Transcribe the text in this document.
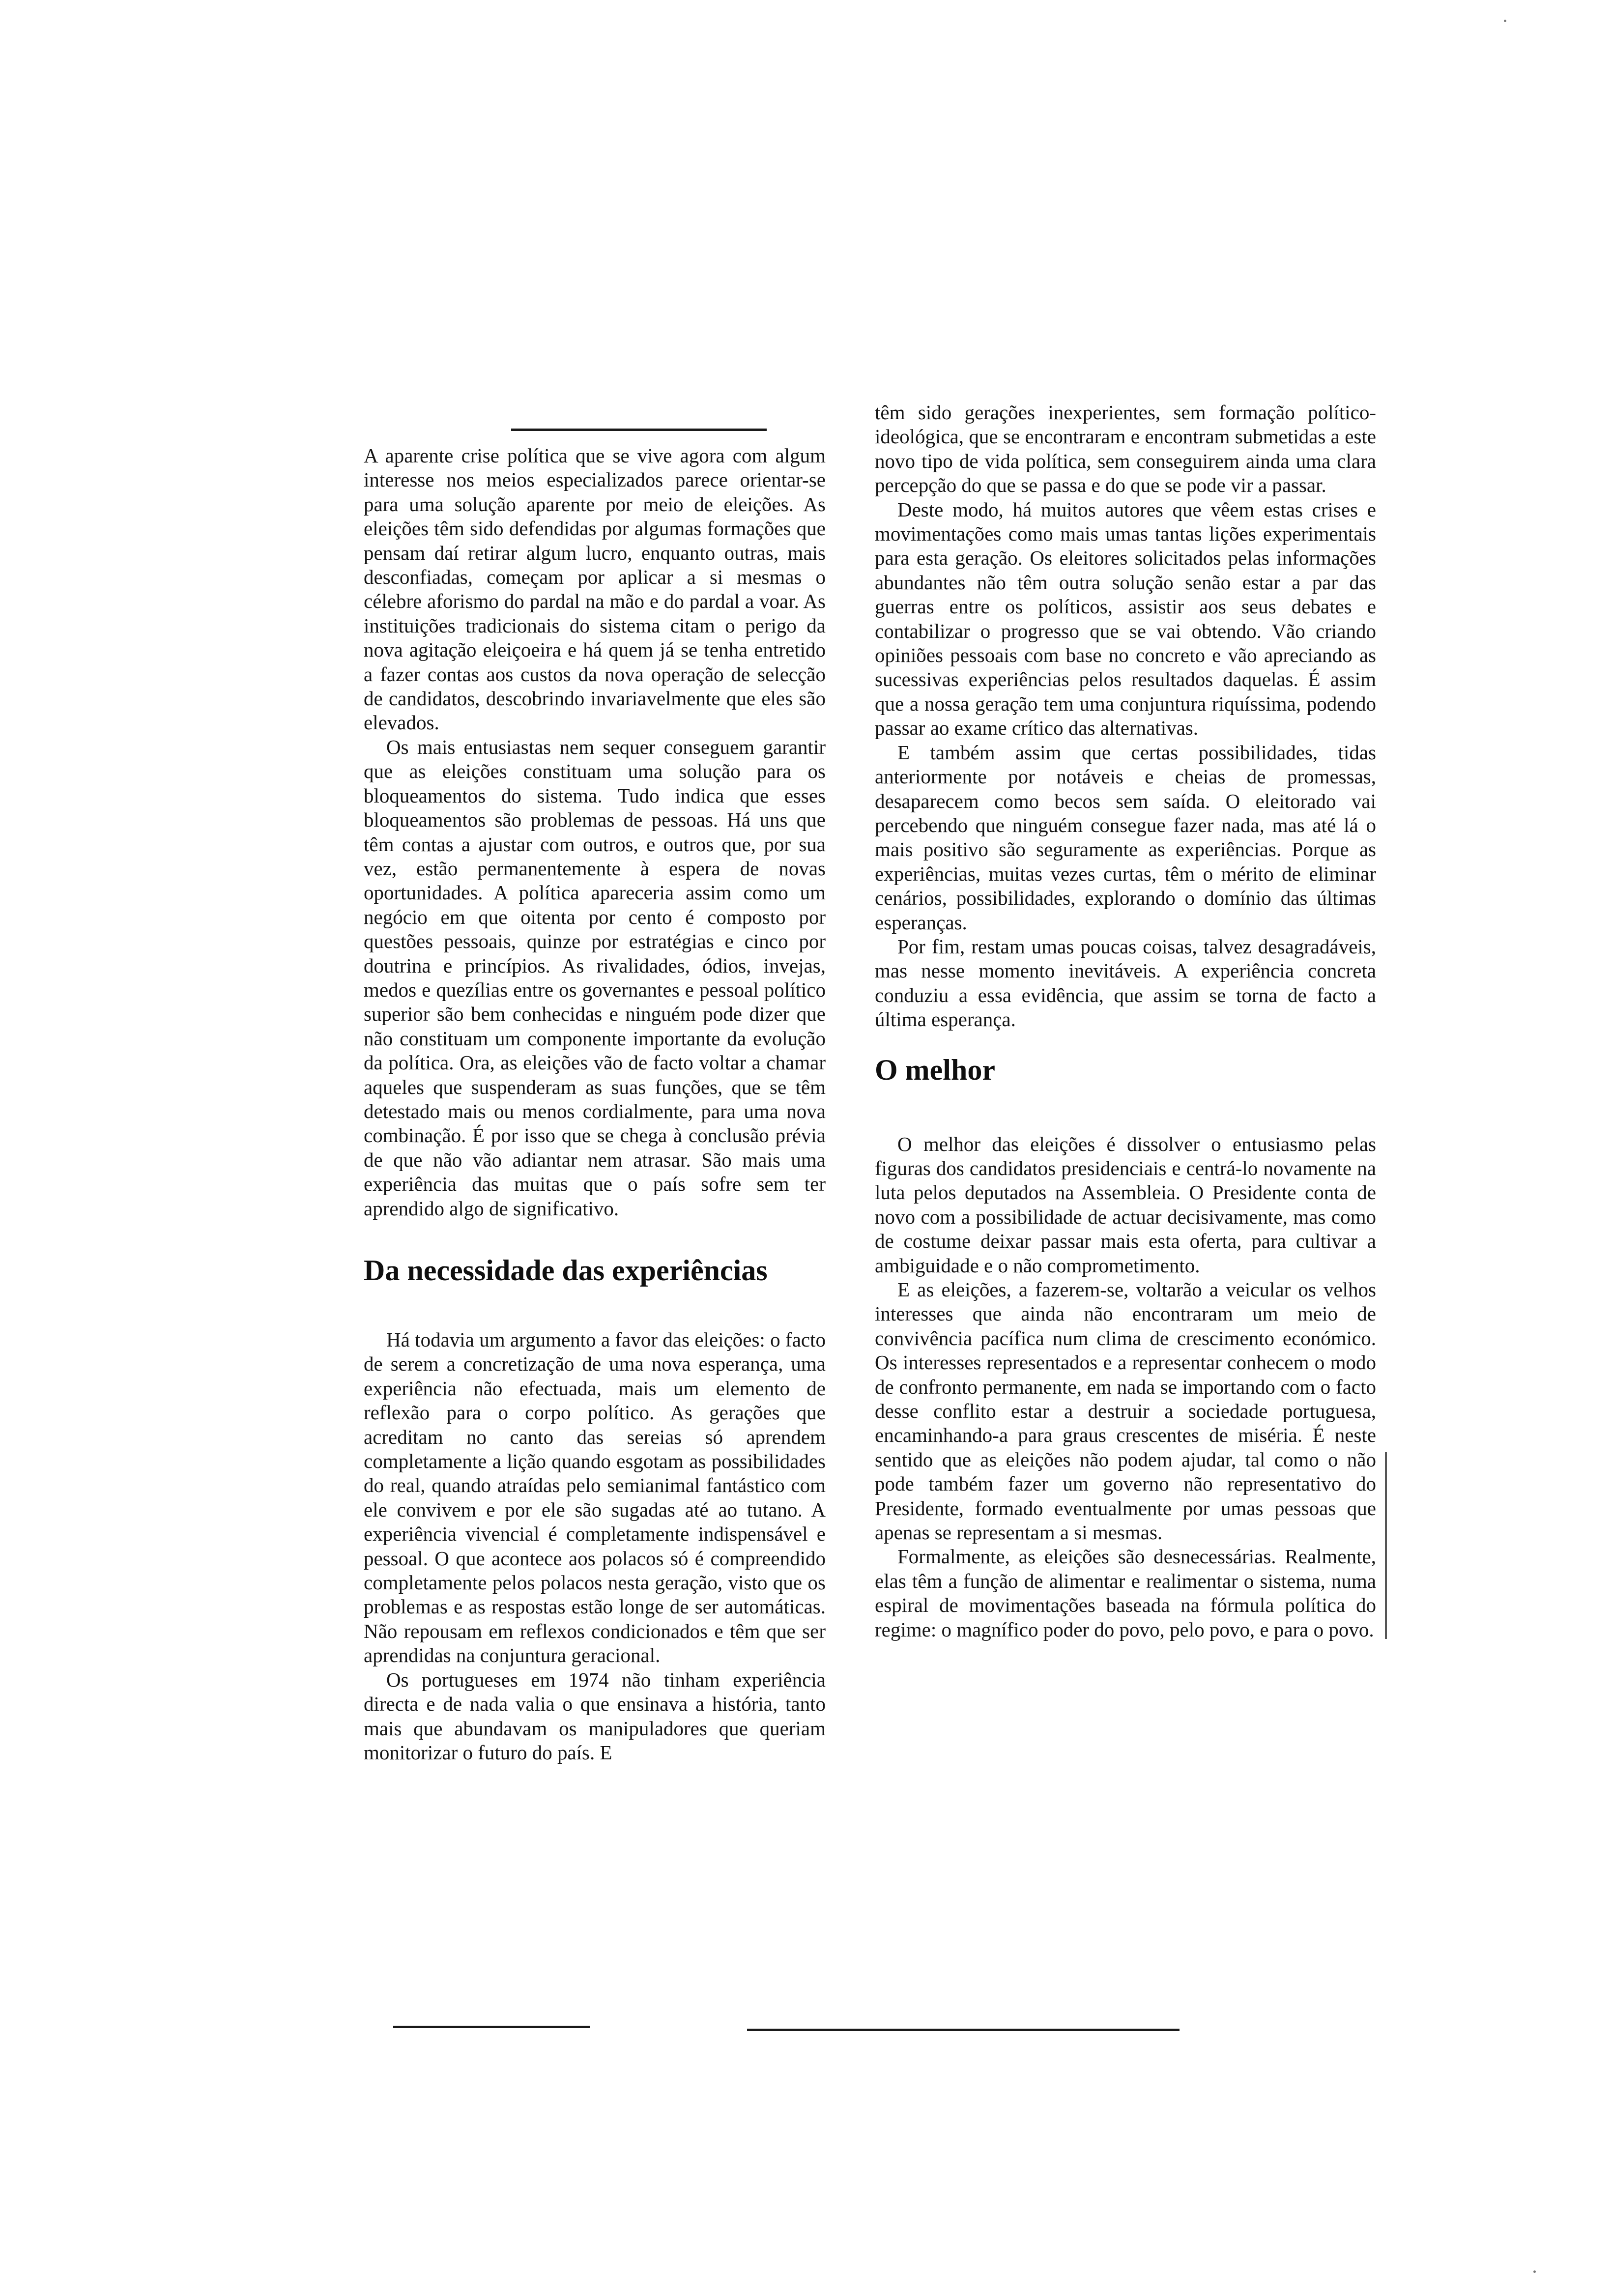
A aparente crise política que se vive agora com algum interesse nos meios especializados parece orientar-se para uma solução aparente por meio de eleições. As eleições têm sido defendidas por algumas formações que pensam daí retirar algum lucro, enquanto outras, mais desconfiadas, começam por aplicar a si mesmas o célebre aforismo do pardal na mão e do pardal a voar. As instituições tradicionais do sistema citam o perigo da nova agitação eleiçoeira e há quem já se tenha entretido a fazer contas aos custos da nova operação de selecção de candidatos, descobrindo invariavelmente que eles são elevados.

Os mais entusiastas nem sequer conseguem garantir que as eleições constituam uma solução para os bloqueamentos do sistema. Tudo indica que esses bloqueamentos são problemas de pessoas. Há uns que têm contas a ajustar com outros, e outros que, por sua vez, estão permanentemente à espera de novas oportunidades. A política apareceria assim como um negócio em que oitenta por cento é composto por questões pessoais, quinze por estratégias e cinco por doutrina e princípios. As rivalidades, ódios, invejas, medos e quezílias entre os governantes e pessoal político superior são bem conhecidas e ninguém pode dizer que não constituam um componente importante da evolução da política. Ora, as eleições vão de facto voltar a chamar aqueles que suspenderam as suas funções, que se têm detestado mais ou menos cordialmente, para uma nova combinação. É por isso que se chega à conclusão prévia de que não vão adiantar nem atrasar. São mais uma experiência das muitas que o país sofre sem ter aprendido algo de significativo.

Da necessidade das experiências

Há todavia um argumento a favor das eleições: o facto de serem a concretização de uma nova esperança, uma experiência não efectuada, mais um elemento de reflexão para o corpo político. As gerações que acreditam no canto das sereias só aprendem completamente a lição quando esgotam as possibilidades do real, quando atraídas pelo semianimal fantástico com ele convivem e por ele são sugadas até ao tutano. A experiência vivencial é completamente indispensável e pessoal. O que acontece aos polacos só é compreendido completamente pelos polacos nesta geração, visto que os problemas e as respostas estão longe de ser automáticas. Não repousam em reflexos condicionados e têm que ser aprendidas na conjuntura geracional.

Os portugueses em 1974 não tinham experiência directa e de nada valia o que ensinava a história, tanto mais que abundavam os manipuladores que queriam monitorizar o futuro do país. E

têm sido gerações inexperientes, sem formação político-ideológica, que se encontraram e encontram submetidas a este novo tipo de vida política, sem conseguirem ainda uma clara percepção do que se passa e do que se pode vir a passar.

Deste modo, há muitos autores que vêem estas crises e movimentações como mais umas tantas lições experimentais para esta geração. Os eleitores solicitados pelas informações abundantes não têm outra solução senão estar a par das guerras entre os políticos, assistir aos seus debates e contabilizar o progresso que se vai obtendo. Vão criando opiniões pessoais com base no concreto e vão apreciando as sucessivas experiências pelos resultados daquelas. É assim que a nossa geração tem uma conjuntura riquíssima, podendo passar ao exame crítico das alternativas.

E também assim que certas possibilidades, tidas anteriormente por notáveis e cheias de promessas, desaparecem como becos sem saída. O eleitorado vai percebendo que ninguém consegue fazer nada, mas até lá o mais positivo são seguramente as experiências. Porque as experiências, muitas vezes curtas, têm o mérito de eliminar cenários, possibilidades, explorando o domínio das últimas esperanças.

Por fim, restam umas poucas coisas, talvez desagradáveis, mas nesse momento inevitáveis. A experiência concreta conduziu a essa evidência, que assim se torna de facto a última esperança.

O melhor

O melhor das eleições é dissolver o entusiasmo pelas figuras dos candidatos presidenciais e centrá-lo novamente na luta pelos deputados na Assembleia. O Presidente conta de novo com a possibilidade de actuar decisivamente, mas como de costume deixar passar mais esta oferta, para cultivar a ambiguidade e o não comprometimento.

E as eleições, a fazerem-se, voltarão a veicular os velhos interesses que ainda não encontraram um meio de convivência pacífica num clima de crescimento económico. Os interesses representados e a representar conhecem o modo de confronto permanente, em nada se importando com o facto desse conflito estar a destruir a sociedade portuguesa, encaminhando-a para graus crescentes de miséria. É neste sentido que as eleições não podem ajudar, tal como o não pode também fazer um governo não representativo do Presidente, formado eventualmente por umas pessoas que apenas se representam a si mesmas.

Formalmente, as eleições são desnecessárias. Realmente, elas têm a função de alimentar e realimentar o sistema, numa espiral de movimentações baseada na fórmula política do regime: o magnífico poder do povo, pelo povo, e para o povo.
